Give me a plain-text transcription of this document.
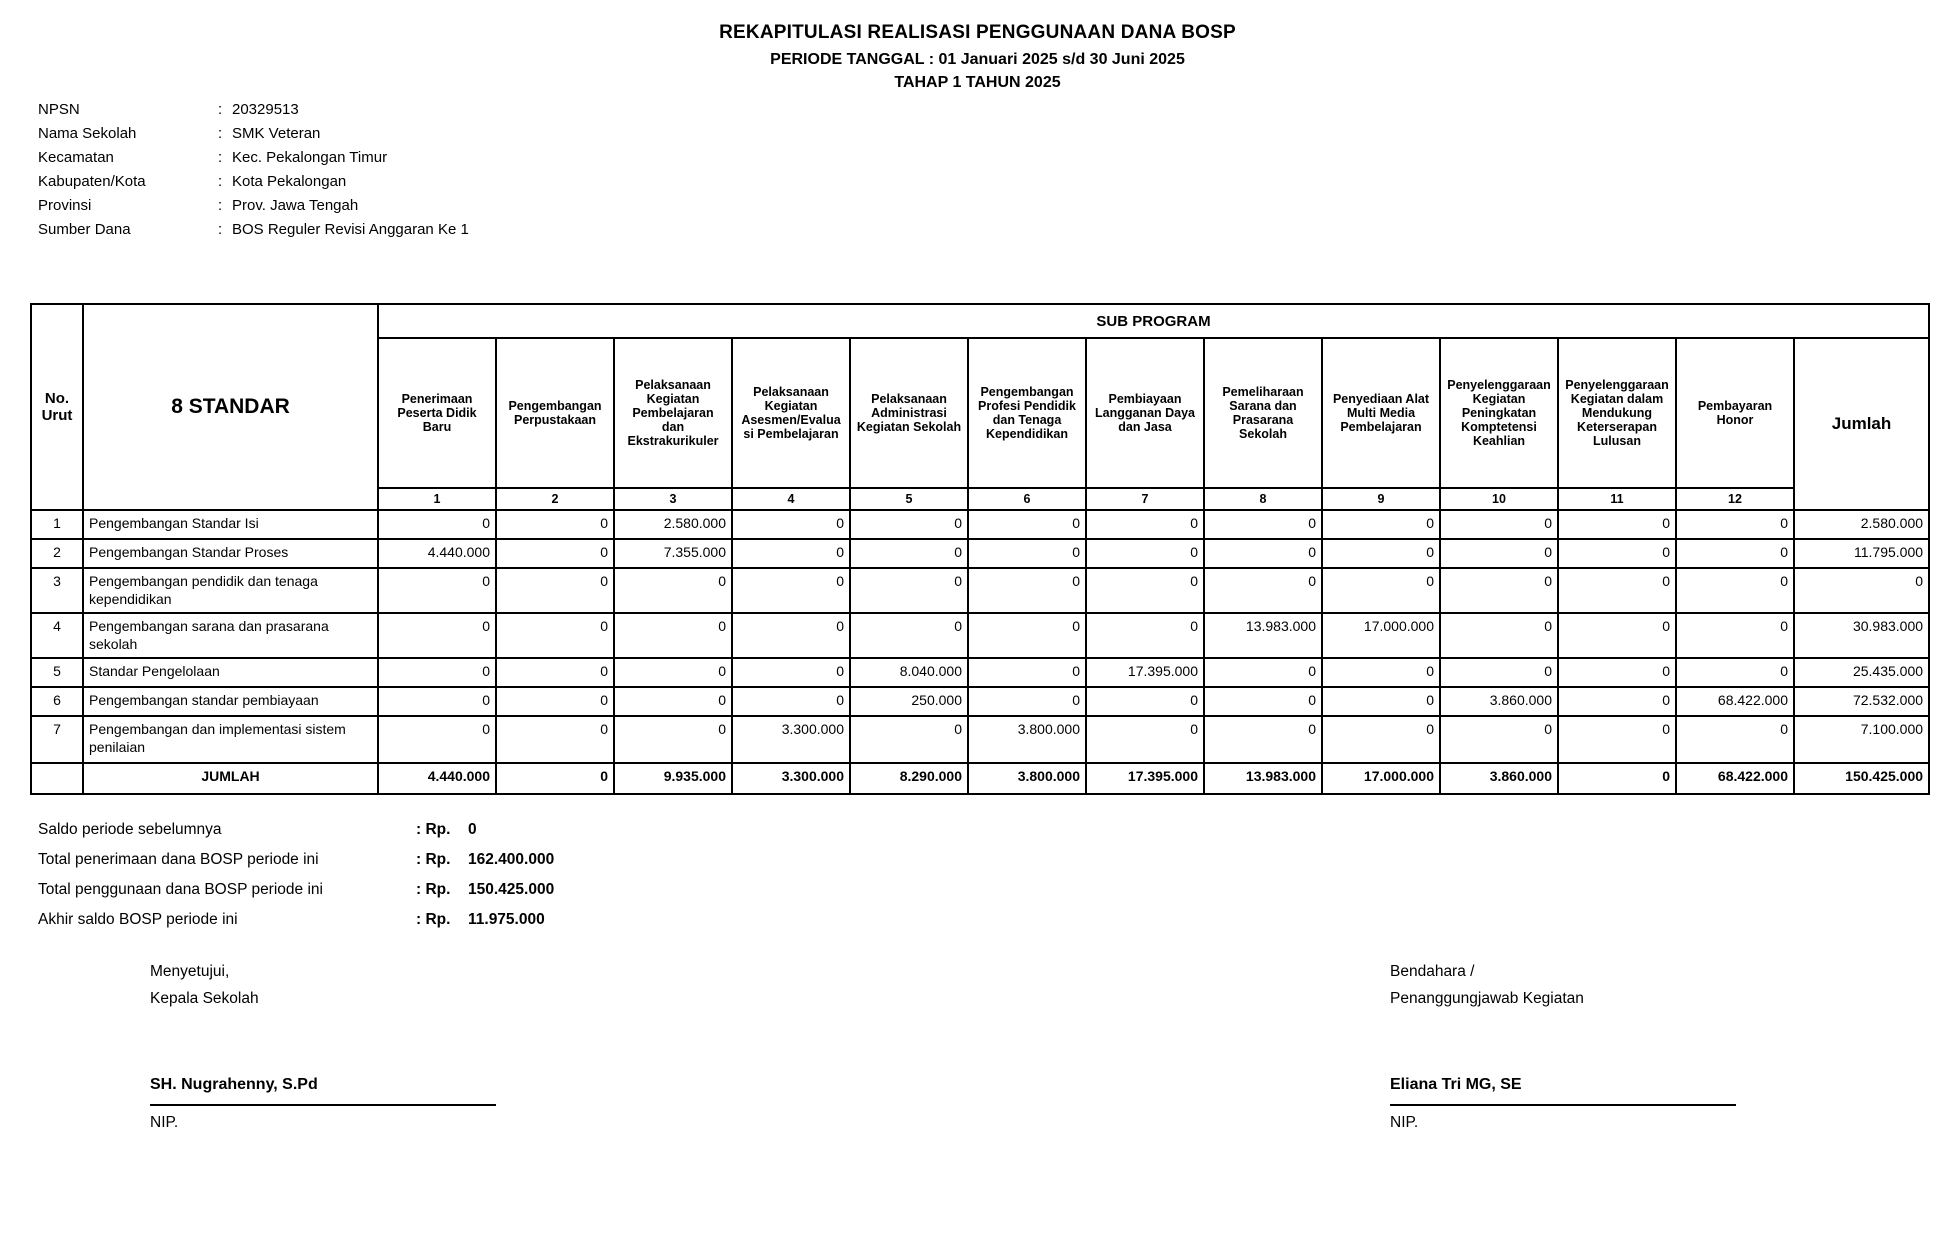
REKAPITULASI REALISASI PENGGUNAAN DANA BOSP
PERIODE TANGGAL : 01 Januari 2025 s/d 30 Juni 2025
TAHAP 1 TAHUN 2025
NPSN	: 20329513
Nama Sekolah	: SMK Veteran
Kecamatan	: Kec. Pekalongan Timur
Kabupaten/Kota	: Kota Pekalongan
Provinsi	: Prov. Jawa Tengah
Sumber Dana	: BOS Reguler Revisi Anggaran Ke 1
No. Urut	8 STANDAR	SUB PROGRAM												
		Penerimaan Peserta Didik Baru	Pengembangan Perpustakaan	Pelaksanaan Kegiatan Pembelajaran dan Ekstrakurikuler	Pelaksanaan Kegiatan Asesmen/Evaluasi Pembelajaran	Pelaksanaan Administrasi Kegiatan Sekolah	Pengembangan Profesi Pendidik dan Tenaga Kependidikan	Pembiayaan Langganan Daya dan Jasa	Pemeliharaan Sarana dan Prasarana Sekolah	Penyediaan Alat Multi Media Pembelajaran	Penyelenggaraan Kegiatan Peningkatan Komptetensi Keahlian	Penyelenggaraan Kegiatan dalam Mendukung Keterserapan Lulusan	Pembayaran Honor	Jumlah
		1	2	3	4	5	6	7	8	9	10	11	12	
1	Pengembangan Standar Isi	0	0	2.580.000	0	0	0	0	0	0	0	0	0	2.580.000
2	Pengembangan Standar Proses	4.440.000	0	7.355.000	0	0	0	0	0	0	0	0	0	11.795.000
3	Pengembangan pendidik dan tenaga kependidikan	0	0	0	0	0	0	0	0	0	0	0	0	0
4	Pengembangan sarana dan prasarana sekolah	0	0	0	0	0	0	0	13.983.000	17.000.000	0	0	0	30.983.000
5	Standar Pengelolaan	0	0	0	0	8.040.000	0	17.395.000	0	0	0	0	0	25.435.000
6	Pengembangan standar pembiayaan	0	0	0	0	250.000	0	0	0	0	3.860.000	0	68.422.000	72.532.000
7	Pengembangan dan implementasi sistem penilaian	0	0	0	3.300.000	0	3.800.000	0	0	0	0	0	0	7.100.000
	JUMLAH	4.440.000	0	9.935.000	3.300.000	8.290.000	3.800.000	17.395.000	13.983.000	17.000.000	3.860.000	0	68.422.000	150.425.000
Saldo periode sebelumnya	: Rp.	0
Total penerimaan dana BOSP periode ini	: Rp.	162.400.000
Total penggunaan dana BOSP periode ini	: Rp.	150.425.000
Akhir saldo BOSP periode ini	: Rp.	11.975.000
Menyetujui,
Kepala Sekolah
SH. Nugrahenny, S.Pd
NIP.
Bendahara /
Penanggungjawab Kegiatan
Eliana Tri MG, SE
NIP.
